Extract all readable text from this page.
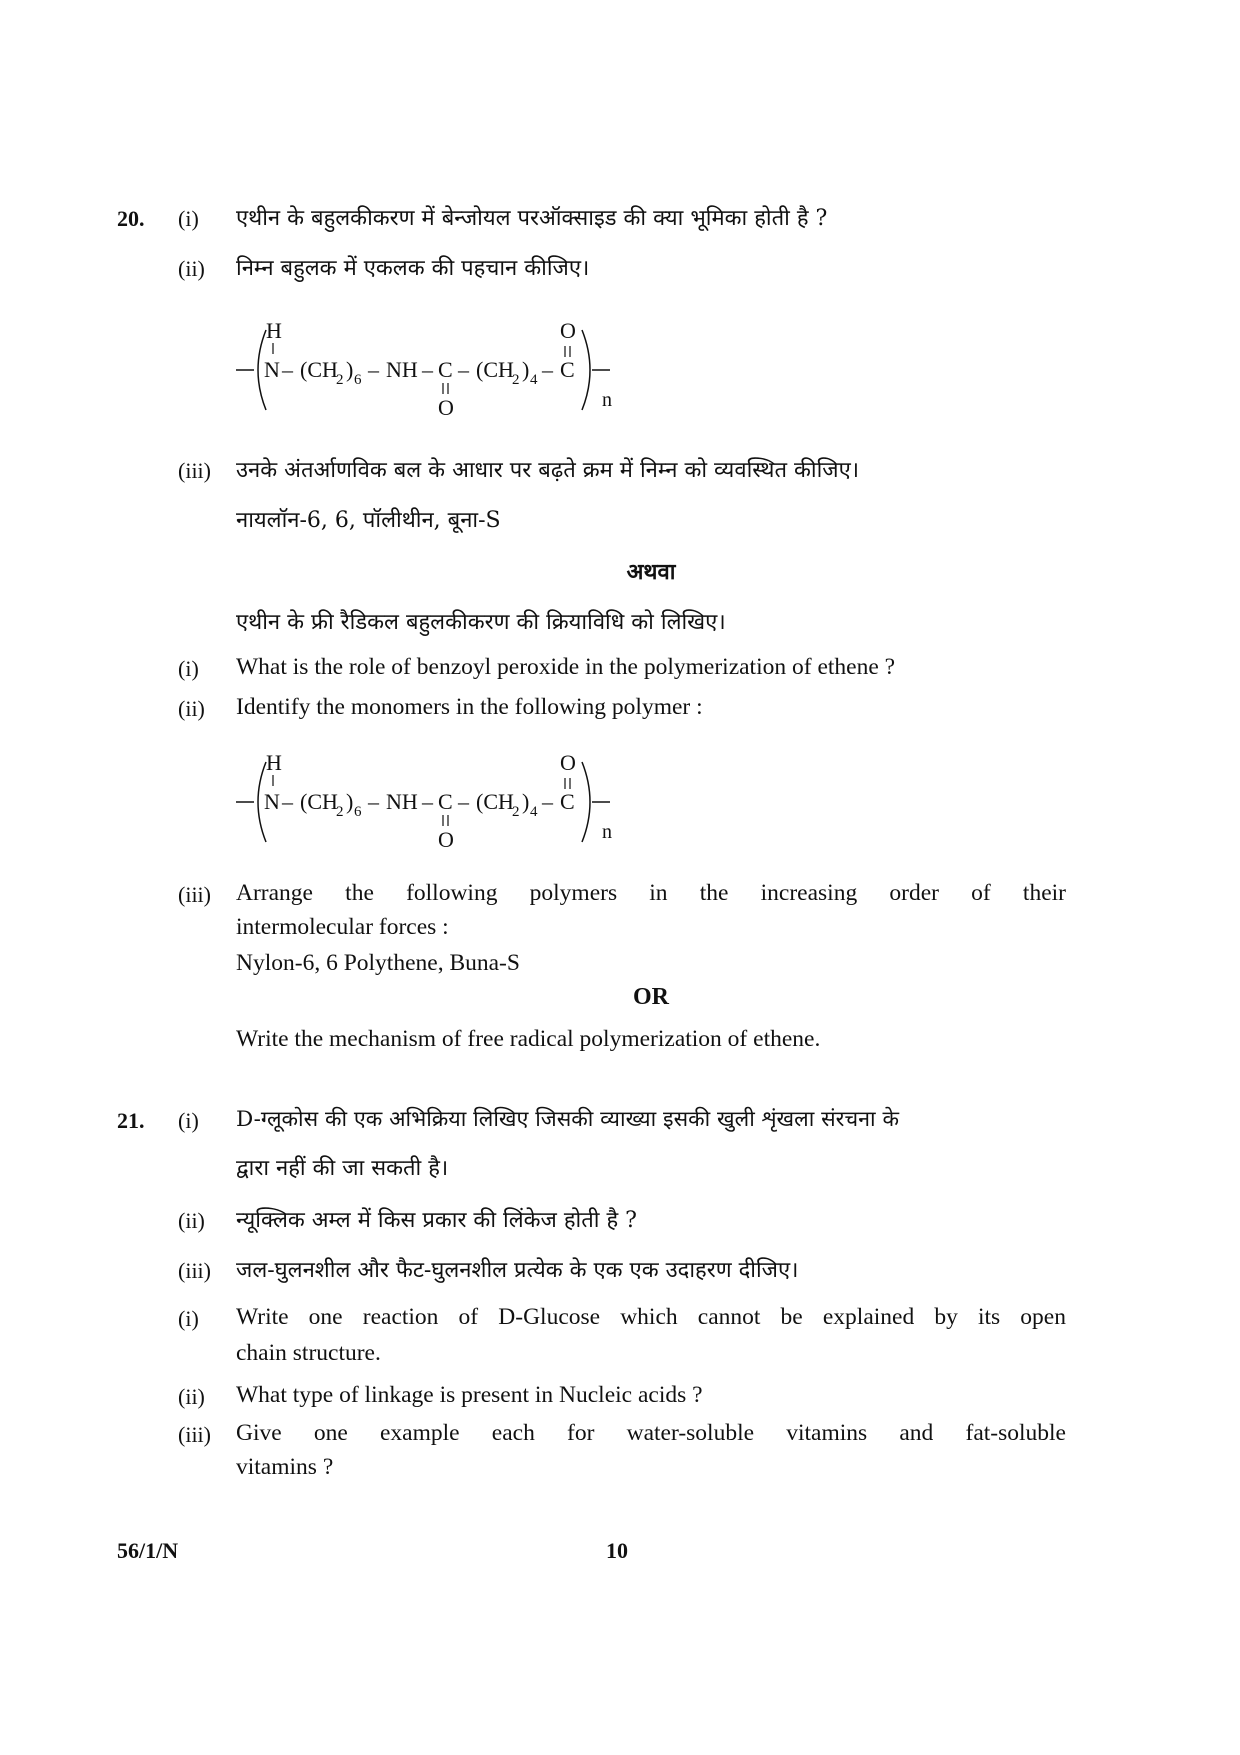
20. (i) एथीन के बहुलकीकरण में बेन्जोयल परऑक्साइड की क्या भूमिका होती है ?
(ii) निम्न बहुलक में एकलक की पहचान कीजिए।
H
N – (CH
2 ) 6 – NH – C
O
– (CH
2 ) 4 – C
O
n
(iii) उनके अंतर्आणविक बल के आधार पर बढ़ते क्रम में निम्न को व्यवस्थित कीजिए।
नायलॉन-6, 6, पॉलीथीन, बूना-S
अथवा
एथीन के फ्री रैडिकल बहुलकीकरण की क्रियाविधि को लिखिए।
(i) What is the role of benzoyl peroxide in the polymerization of ethene ?
(ii) Identify the monomers in the following polymer :
H
N – (CH
2 ) 6 – NH – C
O
– (CH
2 ) 4 – C
O
n
(iii) Arrange the following polymers in the increasing order of their
intermolecular forces :
Nylon-6, 6 Polythene, Buna-S
OR
Write the mechanism of free radical polymerization of ethene.
21. (i) D-ग्लूकोस की एक अभिक्रिया लिखिए जिसकी व्याख्या इसकी खुली शृंखला संरचना के
द्वारा नहीं की जा सकती है।
(ii) न्यूक्लिक अम्ल में किस प्रकार की लिंकेज होती है ?
(iii) जल-घुलनशील और फैट-घुलनशील प्रत्येक के एक एक उदाहरण दीजिए।
(i) Write one reaction of D-Glucose which cannot be explained by its open
chain structure.
(ii) What type of linkage is present in Nucleic acids ?
(iii) Give one example each for water-soluble vitamins and fat-soluble
vitamins ?
56/1/N	10
